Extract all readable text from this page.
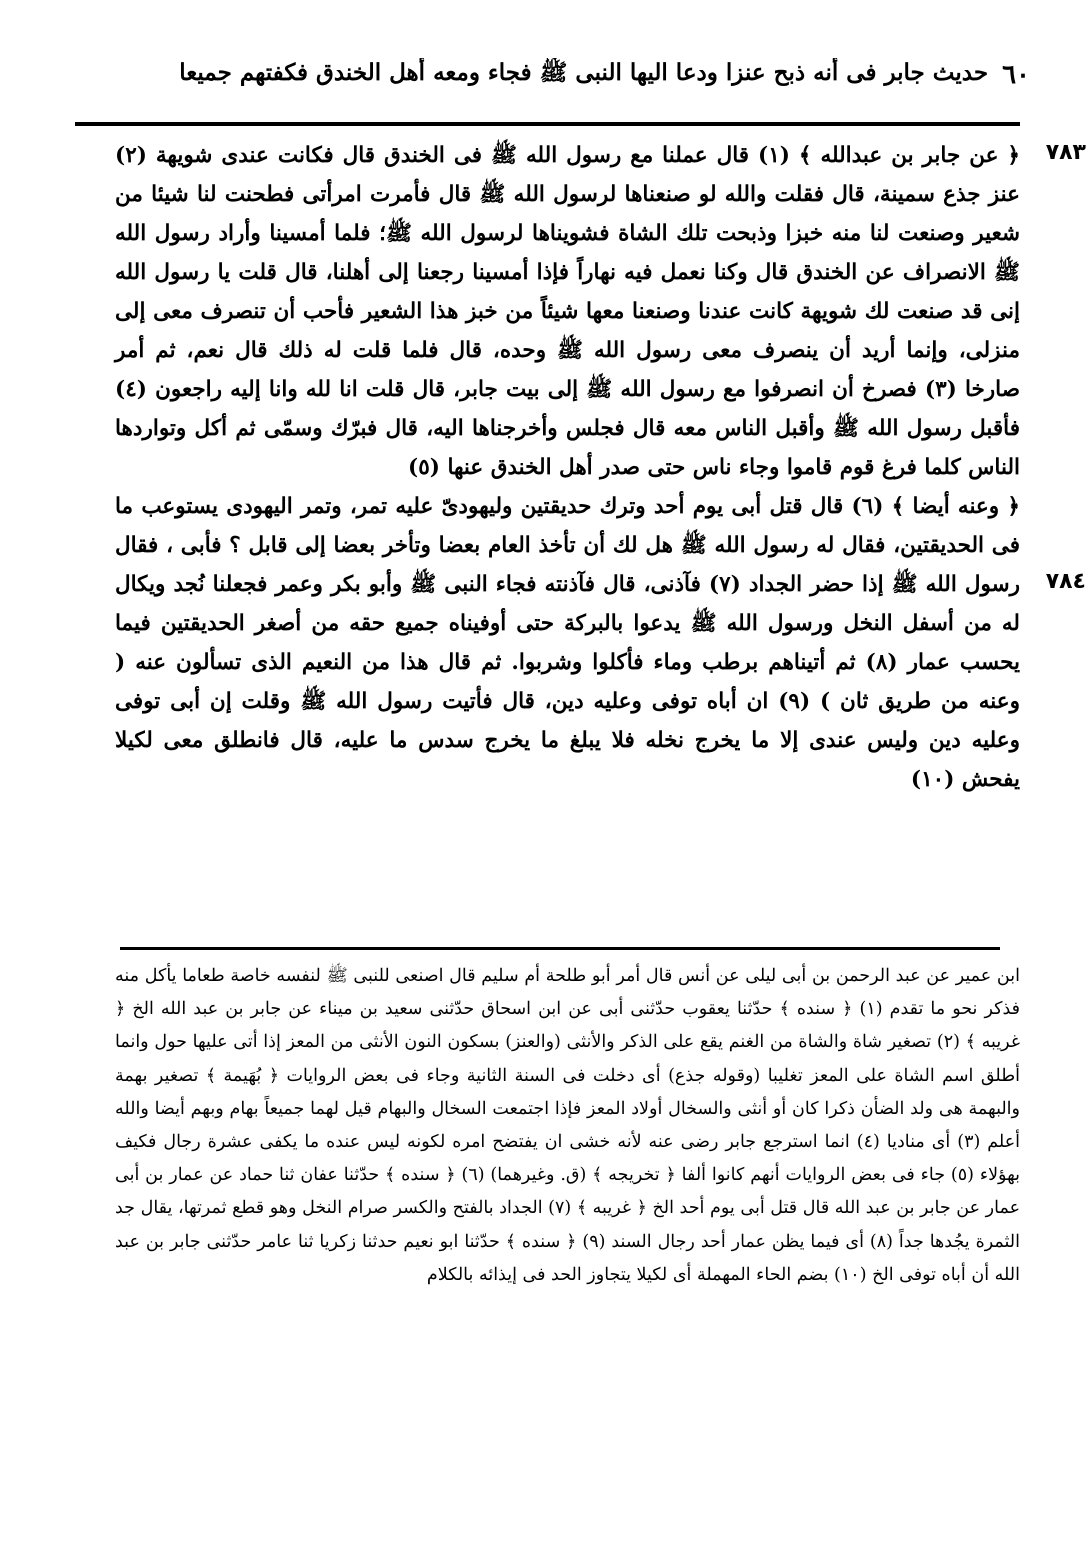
٦٠
حديث جابر فى أنه ذبح عنزا ودعا اليها النبى ﷺ فجاء ومعه أهل الخندق فكفتهم جميعا
٧٨٣
٧٨٤

﴿ عن جابر بن عبدالله ﴾ (١) قال عملنا مع رسول الله ﷺ فى الخندق قال فكانت عندى شويهة (٢) عنز جذع سمينة، قال فقلت والله لو صنعناها لرسول الله ﷺ قال فأمرت امرأتى فطحنت لنا شيئا من شعير وصنعت لنا منه خبزا وذبحت تلك الشاة فشويناها لرسول الله ﷺ؛ فلما أمسينا وأراد رسول الله ﷺ الانصراف عن الخندق قال وكنا نعمل فيه نهاراً فإذا أمسينا رجعنا إلى أهلنا، قال قلت يا رسول الله إنى قد صنعت لك شويهة كانت عندنا وصنعنا معها شيئاً من خبز هذا الشعير فأحب أن تنصرف معى إلى منزلى، وإنما أريد أن ينصرف معى رسول الله ﷺ وحده، قال فلما قلت له ذلك قال نعم، ثم أمر صارخا (٣) فصرخ أن انصرفوا مع رسول الله ﷺ إلى بيت جابر، قال قلت انا لله وانا إليه راجعون (٤) فأقبل رسول الله ﷺ وأقبل الناس معه قال فجلس وأخرجناها اليه، قال فبرّك وسمّى ثم أكل وتواردها الناس كلما فرغ قوم قاموا وجاء ناس حتى صدر أهل الخندق عنها (٥)

﴿ وعنه أيضا ﴾ (٦) قال قتل أبى يوم أحد وترك حديقتين وليهودىّ عليه تمر، وتمر اليهودى يستوعب ما فى الحديقتين، فقال له رسول الله ﷺ هل لك أن تأخذ العام بعضا وتأخر بعضا إلى قابل ؟ فأبى ، فقال رسول الله ﷺ إذا حضر الجداد (٧) فآذنى، قال فآذنته فجاء النبى ﷺ وأبو بكر وعمر فجعلنا نُجد ويكال له من أسفل النخل ورسول الله ﷺ يدعوا بالبركة حتى أوفيناه جميع حقه من أصغر الحديقتين فيما يحسب عمار (٨) ثم أتيناهم برطب وماء فأكلوا وشربوا. ثم قال هذا من النعيم الذى تسألون عنه ( وعنه من طريق ثان ) (٩) ان أباه توفى وعليه دين، قال فأتيت رسول الله ﷺ وقلت إن أبى توفى وعليه دين وليس عندى إلا ما يخرج نخله فلا يبلغ ما يخرج سدس ما عليه، قال فانطلق معى لكيلا يفحش (١٠)

ابن عمير عن عبد الرحمن بن أبى ليلى عن أنس قال أمر أبو طلحة أم سليم قال اصنعى للنبى ﷺ لنفسه خاصة طعاما يأكل منه فذكر نحو ما تقدم (١) ﴿ سنده ﴾ حدّثنا يعقوب حدّثنى أبى عن ابن اسحاق حدّثنى سعيد بن ميناء عن جابر بن عبد الله الخ ﴿ غريبه ﴾ (٢) تصغير شاة والشاة من الغنم يقع على الذكر والأنثى (والعنز) بسكون النون الأنثى من المعز إذا أتى عليها حول وانما أطلق اسم الشاة على المعز تغليبا (وقوله جذع) أى دخلت فى السنة الثانية وجاء فى بعض الروايات ﴿ بُهَيمة ﴾ تصغير بهمة والبهمة هى ولد الضأن ذكرا كان أو أنثى والسخال أولاد المعز فإذا اجتمعت السخال والبهام قيل لهما جميعاً بهام وبهم أيضا والله أعلم (٣) أى مناديا (٤) انما استرجع جابر رضى عنه لأنه خشى ان يفتضح امره لكونه ليس عنده ما يكفى عشرة رجال فكيف بهؤلاء (٥) جاء فى بعض الروايات أنهم كانوا ألفا ﴿ تخريجه ﴾ (ق. وغيرهما) (٦) ﴿ سنده ﴾ حدّثنا عفان ثنا حماد عن عمار بن أبى عمار عن جابر بن عبد الله قال قتل أبى يوم أحد الخ ﴿ غريبه ﴾ (٧) الجداد بالفتح والكسر صرام النخل وهو قطع ثمرتها، يقال جد الثمرة يجُدها جداً (٨) أى فيما يظن عمار أحد رجال السند (٩) ﴿ سنده ﴾ حدّثنا ابو نعيم حدثنا زكريا ثنا عامر حدّثنى جابر بن عبد الله أن أباه توفى الخ (١٠) بضم الحاء المهملة أى لكيلا يتجاوز الحد فى إيذائه بالكلام
